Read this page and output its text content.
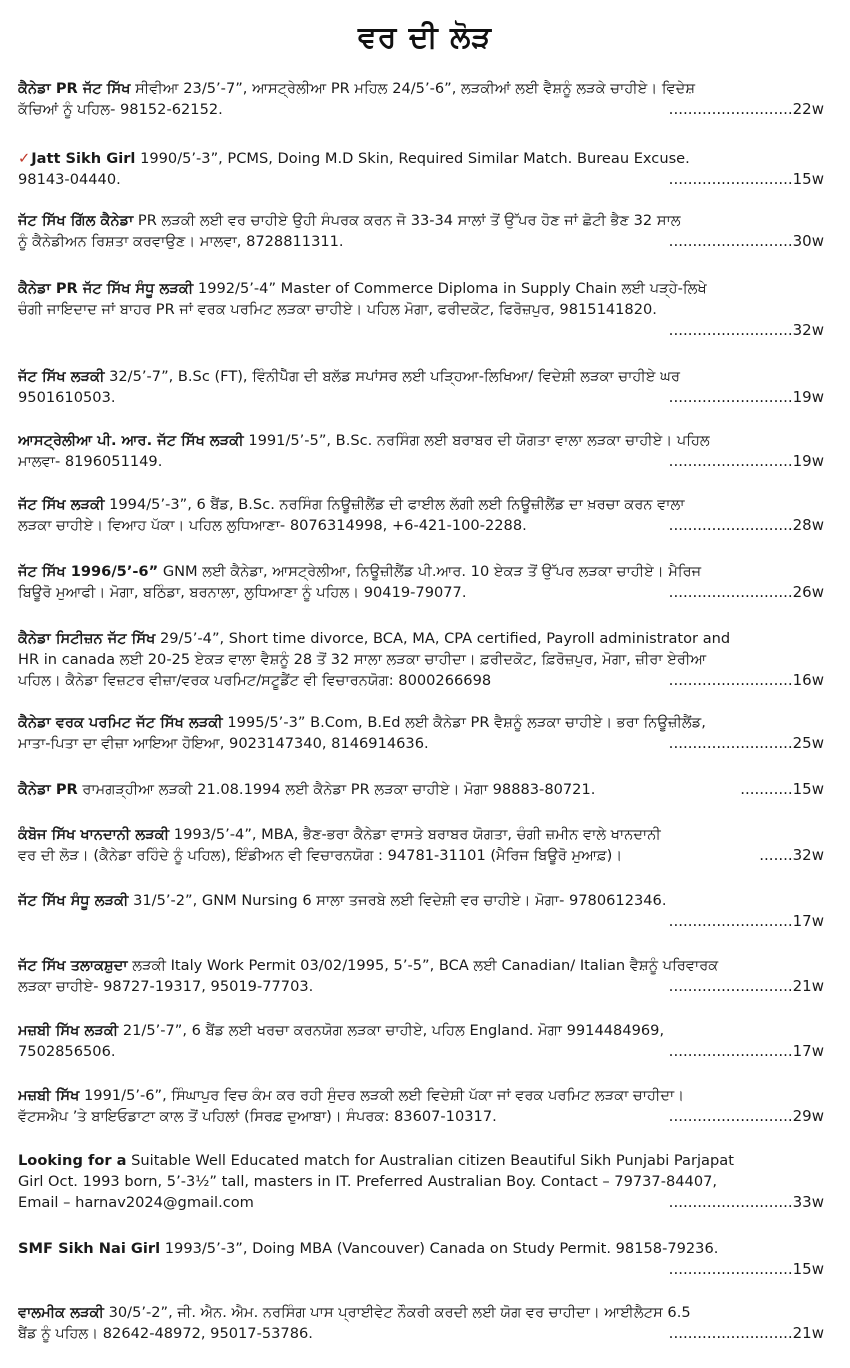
ਵਰ ਦੀ ਲੋੜ
ਕੈਨੇਡਾ PR ਜੱਟ ਸਿੱਖ ਸੀਵੀਆ 23/5’-7”, ਆਸਟ੍ਰੇਲੀਆ PR ਮਹਿਲ 24/5’-6”, ਲੜਕੀਆਂ ਲਈ ਵੈਸ਼ਨੂੰ ਲੜਕੇ ਚਾਹੀਏ। ਵਿਦੇਸ਼
ਕੱਚਿਆਂ ਨੂੰ ਪਹਿਲ- 98152-62152.	..........................22w
✓Jatt Sikh Girl 1990/5’-3”, PCMS, Doing M.D Skin, Required Similar Match. Bureau Excuse.
98143-04440.	..........................15w
ਜੱਟ ਸਿੱਖ ਗਿੱਲ ਕੈਨੇਡਾ PR ਲੜਕੀ ਲਈ ਵਰ ਚਾਹੀਏ ਉਹੀ ਸੰਪਰਕ ਕਰਨ ਜੋ 33-34 ਸਾਲਾਂ ਤੋਂ ਉੱਪਰ ਹੋਣ ਜਾਂ ਛੋਟੀ ਭੈਣ 32 ਸਾਲ
ਨੂੰ ਕੈਨੇਡੀਅਨ ਰਿਸ਼ਤਾ ਕਰਵਾਉਣ। ਮਾਲਵਾ, 8728811311.	..........................30w
ਕੈਨੇਡਾ PR ਜੱਟ ਸਿੱਖ ਸੰਧੂ ਲੜਕੀ 1992/5’-4” Master of Commerce Diploma in Supply Chain ਲਈ ਪੜ੍ਹੇ-ਲਿਖੇ
ਚੰਗੀ ਜਾਇਦਾਦ ਜਾਂ ਬਾਹਰ PR ਜਾਂ ਵਰਕ ਪਰਮਿਟ ਲੜਕਾ ਚਾਹੀਏ। ਪਹਿਲ ਮੋਗਾ, ਫਰੀਦਕੋਟ, ਫਿਰੋਜ਼ਪੁਰ, 9815141820.
..........................32w
ਜੱਟ ਸਿੱਖ ਲੜਕੀ 32/5’-7”, B.Sc (FT), ਵਿੰਨੀਪੈੱਗ ਦੀ ਬਲੱਡ ਸਪਾਂਸਰ ਲਈ ਪੜ੍ਹਿਆ-ਲਿਖਿਆ/ ਵਿਦੇਸ਼ੀ ਲੜਕਾ ਚਾਹੀਏ ਘਰ
9501610503.	..........................19w
ਆਸਟ੍ਰੇਲੀਆ ਪੀ. ਆਰ. ਜੱਟ ਸਿੱਖ ਲੜਕੀ 1991/5’-5”, B.Sc. ਨਰਸਿੰਗ ਲਈ ਬਰਾਬਰ ਦੀ ਯੋਗਤਾ ਵਾਲਾ ਲੜਕਾ ਚਾਹੀਏ। ਪਹਿਲ
ਮਾਲਵਾ- 8196051149.	..........................19w
ਜੱਟ ਸਿੱਖ ਲੜਕੀ 1994/5’-3”, 6 ਬੈਂਡ, B.Sc. ਨਰਸਿੰਗ ਨਿਊਜ਼ੀਲੈਂਡ ਦੀ ਫਾਈਲ ਲੱਗੀ ਲਈ ਨਿਊਜ਼ੀਲੈਂਡ ਦਾ ਖ਼ਰਚਾ ਕਰਨ ਵਾਲਾ
ਲੜਕਾ ਚਾਹੀਏ। ਵਿਆਹ ਪੱਕਾ। ਪਹਿਲ ਲੁਧਿਆਣਾ- 8076314998, +6-421-100-2288.	..........................28w
ਜੱਟ ਸਿੱਖ 1996/5’-6” GNM ਲਈ ਕੈਨੇਡਾ, ਆਸਟ੍ਰੇਲੀਆ, ਨਿਊਜ਼ੀਲੈਂਡ ਪੀ.ਆਰ. 10 ਏਕੜ ਤੋਂ ਉੱਪਰ ਲੜਕਾ ਚਾਹੀਏ। ਮੈਰਿਜ
ਬਿਊਰੋ ਮੁਆਫੀ। ਮੋਗਾ, ਬਠਿੰਡਾ, ਬਰਨਾਲਾ, ਲੁਧਿਆਣਾ ਨੂੰ ਪਹਿਲ। 90419-79077.	..........................26w
ਕੈਨੇਡਾ ਸਿਟੀਜ਼ਨ ਜੱਟ ਸਿੱਖ 29/5’-4”, Short time divorce, BCA, MA, CPA certified, Payroll administrator and
HR in canada ਲਈ 20-25 ਏਕੜ ਵਾਲਾ ਵੈਸ਼ਨੂੰ 28 ਤੋਂ 32 ਸਾਲਾ ਲੜਕਾ ਚਾਹੀਦਾ। ਫ਼ਰੀਦਕੋਟ, ਫ਼ਿਰੋਜ਼ਪੁਰ, ਮੋਗਾ, ਜ਼ੀਰਾ ਏਰੀਆ
ਪਹਿਲ। ਕੈਨੇਡਾ ਵਿਜ਼ਟਰ ਵੀਜ਼ਾ/ਵਰਕ ਪਰਮਿਟ/ਸਟੂਡੈਂਟ ਵੀ ਵਿਚਾਰਨਯੋਗ: 8000266698	..........................16w
ਕੈਨੇਡਾ ਵਰਕ ਪਰਮਿਟ ਜੱਟ ਸਿੱਖ ਲੜਕੀ 1995/5’-3” B.Com, B.Ed ਲਈ ਕੈਨੇਡਾ PR ਵੈਸ਼ਨੂੰ ਲੜਕਾ ਚਾਹੀਏ। ਭਰਾ ਨਿਊਜ਼ੀਲੈਂਡ,
ਮਾਤਾ-ਪਿਤਾ ਦਾ ਵੀਜ਼ਾ ਆਇਆ ਹੋਇਆ, 9023147340, 8146914636.	..........................25w
ਕੈਨੇਡਾ PR ਰਾਮਗੜ੍ਹੀਆ ਲੜਕੀ 21.08.1994 ਲਈ ਕੈਨੇਡਾ PR ਲੜਕਾ ਚਾਹੀਏ। ਮੋਗਾ 98883-80721.	...........15w
ਕੰਬੋਜ ਸਿੱਖ ਖਾਨਦਾਨੀ ਲੜਕੀ 1993/5’-4”, MBA, ਭੈਣ-ਭਰਾ ਕੈਨੇਡਾ ਵਾਸਤੇ ਬਰਾਬਰ ਯੋਗਤਾ, ਚੰਗੀ ਜ਼ਮੀਨ ਵਾਲੇ ਖਾਨਦਾਨੀ
ਵਰ ਦੀ ਲੋੜ। (ਕੈਨੇਡਾ ਰਹਿੰਦੇ ਨੂੰ ਪਹਿਲ), ਇੰਡੀਅਨ ਵੀ ਵਿਚਾਰਨਯੋਗ : 94781-31101 (ਮੈਰਿਜ ਬਿਊਰੋ ਮੁਆਫ਼)।	.......32w
ਜੱਟ ਸਿੱਖ ਸੰਧੂ ਲੜਕੀ 31/5’-2”, GNM Nursing 6 ਸਾਲਾ ਤਜਰਬੇ ਲਈ ਵਿਦੇਸ਼ੀ ਵਰ ਚਾਹੀਏ। ਮੋਗਾ- 9780612346.
..........................17w
ਜੱਟ ਸਿੱਖ ਤਲਾਕਸ਼ੁਦਾ ਲੜਕੀ Italy Work Permit 03/02/1995, 5’-5”, BCA ਲਈ Canadian/ Italian ਵੈਸ਼ਨੂੰ ਪਰਿਵਾਰਕ
ਲੜਕਾ ਚਾਹੀਏ- 98727-19317, 95019-77703.	..........................21w
ਮਜ਼ਬੀ ਸਿੱਖ ਲੜਕੀ 21/5’-7”, 6 ਬੈਂਡ ਲਈ ਖਰਚਾ ਕਰਨਯੋਗ ਲੜਕਾ ਚਾਹੀਏ, ਪਹਿਲ England. ਮੋਗਾ 9914484969,
7502856506.	..........................17w
ਮਜ਼ਬੀ ਸਿੱਖ 1991/5’-6”, ਸਿੰਘਾਪੁਰ ਵਿਚ ਕੰਮ ਕਰ ਰਹੀ ਸੁੰਦਰ ਲੜਕੀ ਲਈ ਵਿਦੇਸ਼ੀ ਪੱਕਾ ਜਾਂ ਵਰਕ ਪਰਮਿਟ ਲੜਕਾ ਚਾਹੀਦਾ।
ਵੱਟਸਐਪ ’ਤੇ ਬਾਇਓਡਾਟਾ ਕਾਲ ਤੋਂ ਪਹਿਲਾਂ (ਸਿਰਫ਼ ਦੁਆਬਾ)। ਸੰਪਰਕ: 83607-10317.	..........................29w
Looking for a Suitable Well Educated match for Australian citizen Beautiful Sikh Punjabi Parjapat
Girl Oct. 1993 born, 5’-3½” tall, masters in IT. Preferred Australian Boy. Contact – 79737-84407,
Email – harnav2024@gmail.com	..........................33w
SMF Sikh Nai Girl 1993/5’-3”, Doing MBA (Vancouver) Canada on Study Permit. 98158-79236.
..........................15w
ਵਾਲਮੀਕ ਲੜਕੀ 30/5’-2”, ਜੀ. ਐਨ. ਐਮ. ਨਰਸਿੰਗ ਪਾਸ ਪ੍ਰਾਈਵੇਟ ਨੌਕਰੀ ਕਰਦੀ ਲਈ ਯੋਗ ਵਰ ਚਾਹੀਦਾ। ਆਈਲੈਟਸ 6.5
ਬੈਂਡ ਨੂੰ ਪਹਿਲ। 82642-48972, 95017-53786.	..........................21w
